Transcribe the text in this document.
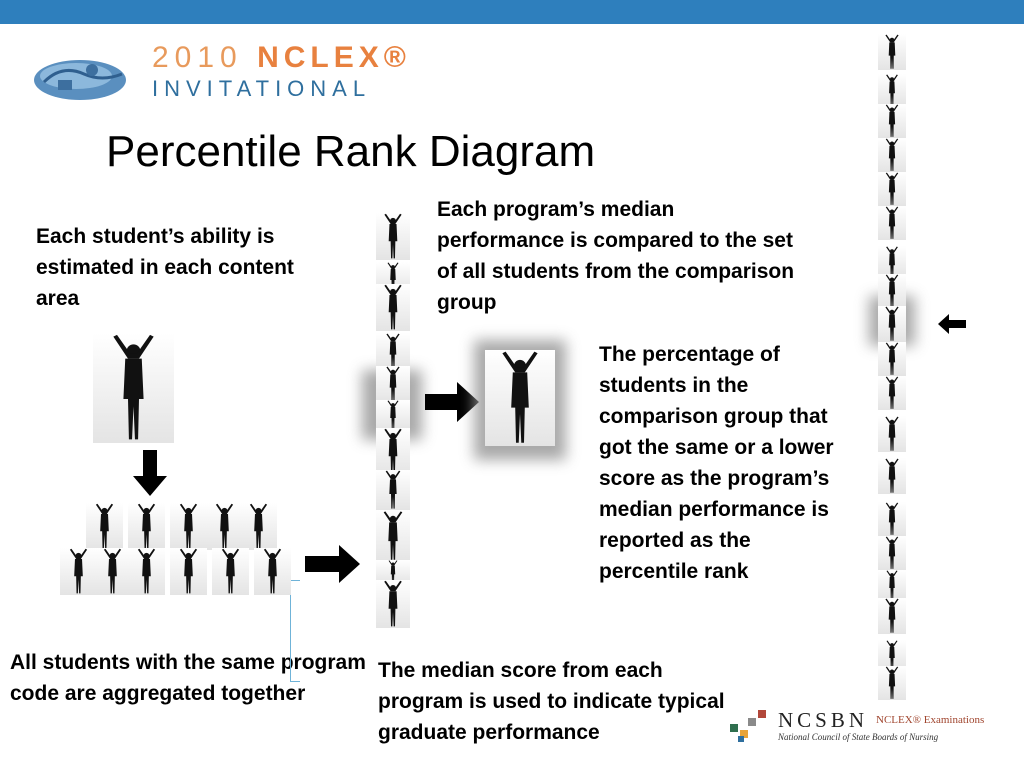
2010 NCLEX®
INVITATIONAL
Percentile Rank Diagram
Each student’s ability is estimated in each content area
All students with the same program code are aggregated together
The median score from each program is used to indicate typical graduate performance
Each program’s median performance is compared to the set of all students from the comparison group
The percentage of students in the comparison group that got the same or a lower score as the program’s median performance is reported as the percentile rank
NCSBN
National Council of State Boards of Nursing
NCLEX® Examinations
